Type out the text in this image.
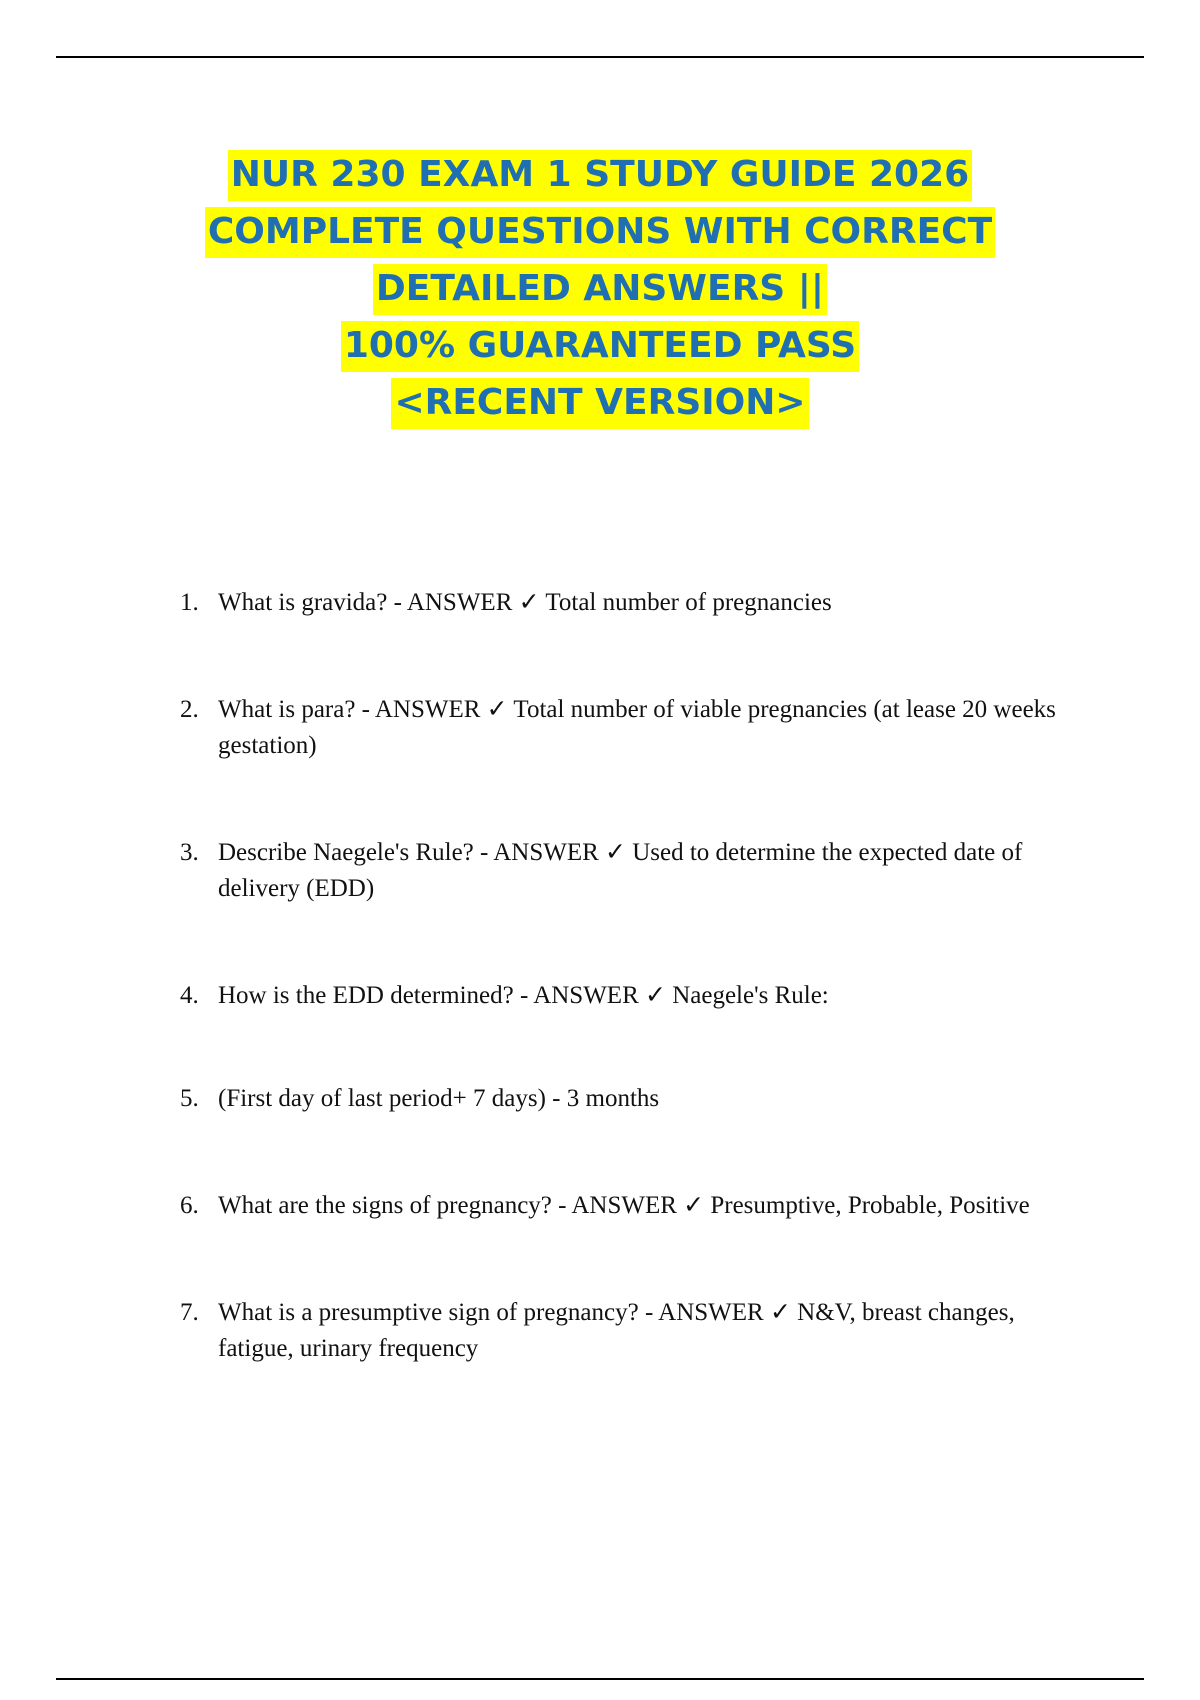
NUR 230 EXAM 1 STUDY GUIDE 2026
COMPLETE QUESTIONS WITH CORRECT
DETAILED ANSWERS ||
100% GUARANTEED PASS
<RECENT VERSION>
1. What is gravida? - ANSWER ✓ Total number of pregnancies
2. What is para? - ANSWER ✓ Total number of viable pregnancies (at lease 20 weeks gestation)
3. Describe Naegele's Rule? - ANSWER ✓ Used to determine the expected date of delivery (EDD)
4. How is the EDD determined? - ANSWER ✓ Naegele's Rule:
5. (First day of last period+ 7 days) - 3 months
6. What are the signs of pregnancy? - ANSWER ✓ Presumptive, Probable, Positive
7. What is a presumptive sign of pregnancy? - ANSWER ✓ N&V, breast changes, fatigue, urinary frequency
